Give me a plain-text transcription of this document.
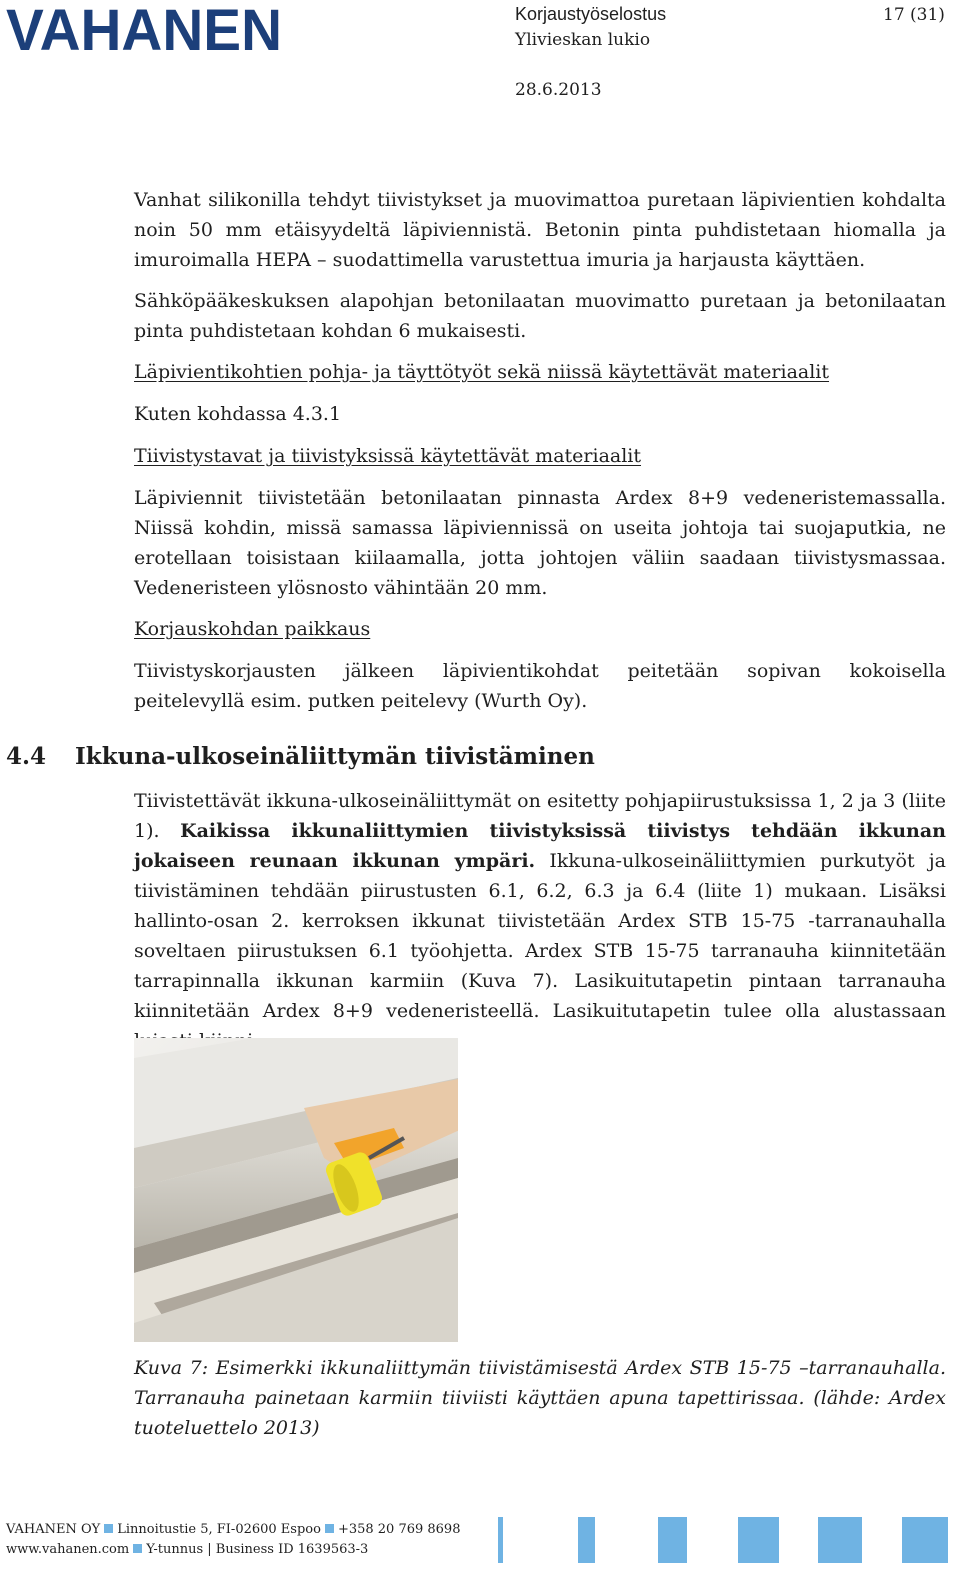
VAHANEN	Korjaustyöselostus	17 (31)
Ylivieskan lukio
28.6.2013

Vanhat silikonilla tehdyt tiivistykset ja muovimattoa puretaan läpivientien kohdalta noin 50 mm etäisyydeltä läpiviennistä. Betonin pinta puhdistetaan hiomalla ja imuroimalla HEPA – suodattimella varustettua imuria ja harjausta käyttäen.

Sähköpääkeskuksen alapohjan betonilaatan muovimatto puretaan ja betonilaatan pinta puhdistetaan kohdan 6 mukaisesti.

Läpivientikohtien pohja- ja täyttötyöt sekä niissä käytettävät materiaalit

Kuten kohdassa 4.3.1

Tiivistystavat ja tiivistyksissä käytettävät materiaalit

Läpiviennit tiivistetään betonilaatan pinnasta Ardex 8+9 vedeneristemassalla. Niissä kohdin, missä samassa läpiviennissä on useita johtoja tai suojaputkia, ne erotellaan toisistaan kiilaamalla, jotta johtojen väliin saadaan tiivistysmassaa. Vedeneristeen ylösnosto vähintään 20 mm.

Korjauskohdan paikkaus

Tiivistyskorjausten jälkeen läpivientikohdat peitetään sopivan kokoisella peitelevyllä esim. putken peitelevy (Wurth Oy).

4.4 Ikkuna-ulkoseinäliittymän tiivistäminen

Tiivistettävät ikkuna-ulkoseinäliittymät on esitetty pohjapiirustuksissa 1, 2 ja 3 (liite 1). Kaikissa ikkunaliittymien tiivistyksissä tiivistys tehdään ikkunan jokaiseen reunaan ikkunan ympäri. Ikkuna-ulkoseinäliittymien purkutyöt ja tiivistäminen tehdään piirustusten 6.1, 6.2, 6.3 ja 6.4 (liite 1) mukaan. Lisäksi hallinto-osan 2. kerroksen ikkunat tiivistetään Ardex STB 15-75 -tarranauhalla soveltaen piirustuksen 6.1 työohjetta. Ardex STB 15-75 tarranauha kiinnitetään tarrapinnalla ikkunan karmiin (Kuva 7). Lasikuitutapetin pintaan tarranauha kiinnitetään Ardex 8+9 vedeneristeellä. Lasikuitutapetin tulee olla alustassaan

Kuva 7: Esimerkki ikkunaliittymän tiivistämisestä Ardex STB 15-75 –tarranauhalla. Tarranauha painetaan karmiin tiiviisti käyttäen apuna tapettirissaa. (lähde: Ardex tuoteluettelo 2013)

VAHANEN OY Linnoitustie 5, FI-02600 Espoo +358 20 769 8698
www.vahanen.com Y-tunnus | Business ID 1639563-3
